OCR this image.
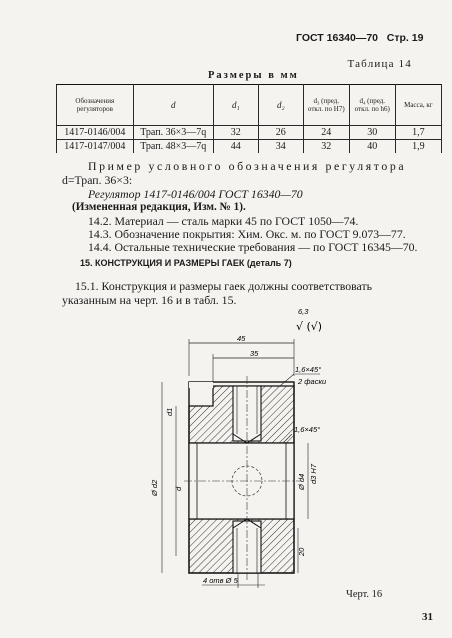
ГОСТ 16340—70 Стр. 19
Таблица 14
Размеры в мм
Обозначения регуляторов	d	d₁	d₂	d₃ (пред. откл. по Н7)	d₄ (пред. откл. по h6)	Масса, кг
1417-0146/004	Трап. 36×3—7q	32	26	24	30	1,7
1417-0147/004	Трап. 48×3—7q	44	34	32	40	1,9
Пример условного обозначения регулятора
d=Трап. 36×3:
Регулятор 1417-0146/004 ГОСТ 16340—70
(Измененная редакция, Изм. № 1).
14.2. Материал — сталь марки 45 по ГОСТ 1050—74.
14.3. Обозначение покрытия: Хим. Окс. м. по ГОСТ 9.073—77.
14.4. Остальные технические требования — по ГОСТ 16345—70.
15. КОНСТРУКЦИЯ И РАЗМЕРЫ ГАЕК (деталь 7)
15.1. Конструкция и размеры гаек должны соответствовать
указанным на черт. 16 и в табл. 15.
6,3
√ (√)
45
35
1,6×45°
2 фаски
1,6×45°
Ø d2
d1
d	Ø d4 d3 H7
20
4 отв Ø 5
Черт. 16
31
